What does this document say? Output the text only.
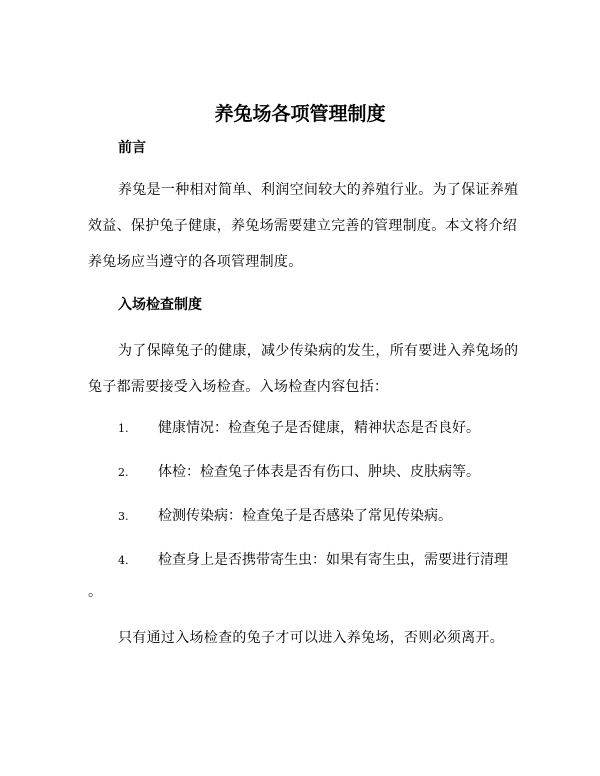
养兔场各项管理制度
前言
养兔是一种相对简单、利润空间较大的养殖行业。为了保证养殖
效益、保护兔子健康，养兔场需要建立完善的管理制度。本文将介绍
养兔场应当遵守的各项管理制度。
入场检查制度
为了保障兔子的健康，减少传染病的发生，所有要进入养兔场的
兔子都需要接受入场检查。入场检查内容包括：
1. 健康情况：检查兔子是否健康，精神状态是否良好。
2. 体检：检查兔子体表是否有伤口、肿块、皮肤病等。
3. 检测传染病：检查兔子是否感染了常见传染病。
4. 检查身上是否携带寄生虫：如果有寄生虫，需要进行清理
。
只有通过入场检查的兔子才可以进入养兔场，否则必须离开。
